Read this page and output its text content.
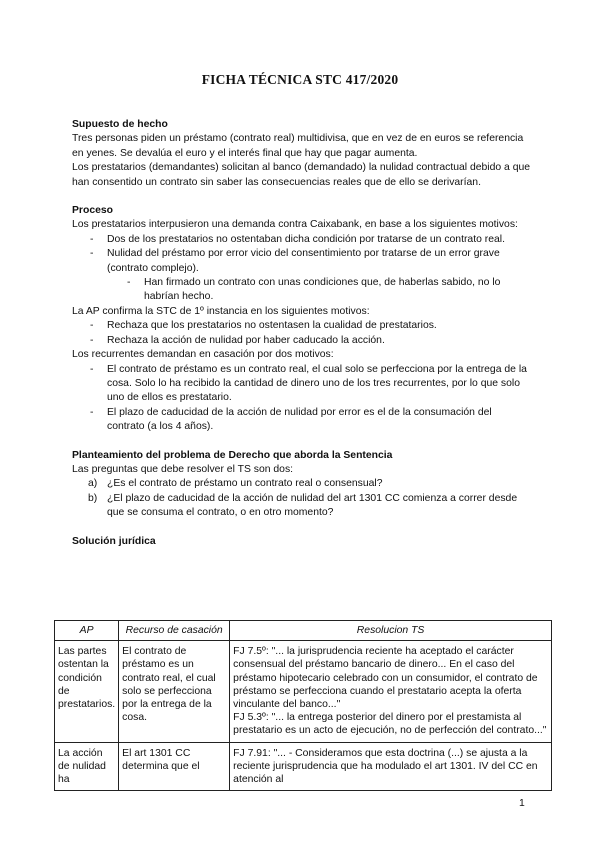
FICHA TÉCNICA STC 417/2020

Supuesto de hecho

Tres personas piden un préstamo (contrato real) multidivisa, que en vez de en euros se referencia en yenes. Se devalúa el euro y el interés final que hay que pagar aumenta.

Los prestatarios (demandantes) solicitan al banco (demandado) la nulidad contractual debido a que han consentido un contrato sin saber las consecuencias reales que de ello se derivarían.

Proceso

Los prestatarios interpusieron una demanda contra Caixabank, en base a los siguientes motivos:

- Dos de los prestatarios no ostentaban dicha condición por tratarse de un contrato real.
- Nulidad del préstamo por error vicio del consentimiento por tratarse de un error grave (contrato complejo).
- Han firmado un contrato con unas condiciones que, de haberlas sabido, no lo habrían hecho.

La AP confirma la STC de 1º instancia en los siguientes motivos:

- Rechaza que los prestatarios no ostentasen la cualidad de prestatarios.
- Rechaza la acción de nulidad por haber caducado la acción.

Los recurrentes demandan en casación por dos motivos:

- El contrato de préstamo es un contrato real, el cual solo se perfecciona por la entrega de la cosa. Solo lo ha recibido la cantidad de dinero uno de los tres recurrentes, por lo que solo uno de ellos es prestatario.
- El plazo de caducidad de la acción de nulidad por error es el de la consumación del contrato (a los 4 años).

Planteamiento del problema de Derecho que aborda la Sentencia

Las preguntas que debe resolver el TS son dos:

a) ¿Es el contrato de préstamo un contrato real o consensual?
b) ¿El plazo de caducidad de la acción de nulidad del art 1301 CC comienza a correr desde que se consuma el contrato, o en otro momento?

Solución jurídica

AP	Recurso de casación	Resolucion TS
Las partes ostentan la condición de prestatarios.	El contrato de préstamo es un contrato real, el cual solo se perfecciona por la entrega de la cosa.	FJ 7.5º: "... la jurisprudencia reciente ha aceptado el carácter consensual del préstamo bancario de dinero... En el caso del préstamo hipotecario celebrado con un consumidor, el contrato de préstamo se perfecciona cuando el prestatario acepta la oferta vinculante del banco..."
FJ 5.3º: "... la entrega posterior del dinero por el prestamista al prestatario es un acto de ejecución, no de perfección del contrato..."

La acción de nulidad ha	El art 1301 CC determina que el	FJ 7.91: "... - Consideramos que esta doctrina (...) se ajusta a la reciente jurisprudencia que ha modulado el art 1301. IV del CC en atención al
1
